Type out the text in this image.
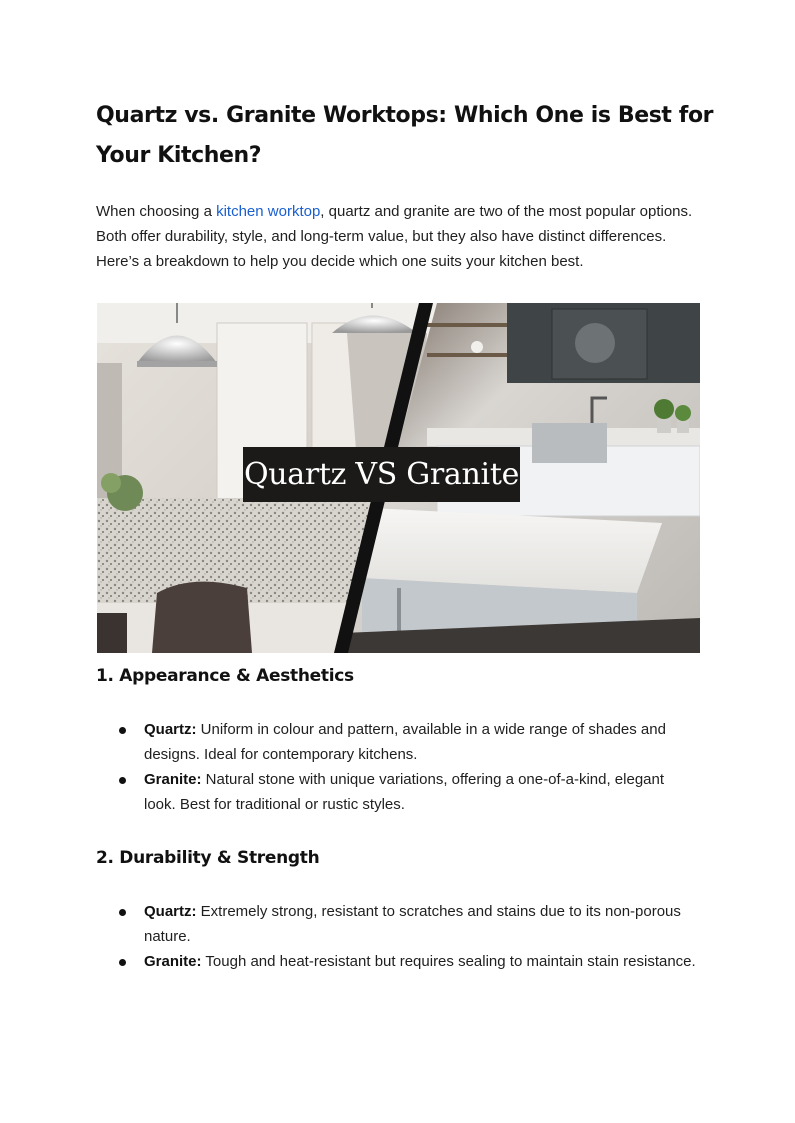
Quartz vs. Granite Worktops: Which One is Best for Your Kitchen?

When choosing a kitchen worktop, quartz and granite are two of the most popular options. Both offer durability, style, and long-term value, but they also have distinct differences. Here’s a breakdown to help you decide which one suits your kitchen best.

Quartz VS Granite
1. Appearance & Aesthetics
Quartz: Uniform in colour and pattern, available in a wide range of shades and designs. Ideal for contemporary kitchens.
Granite: Natural stone with unique variations, offering a one-of-a-kind, elegant look. Best for traditional or rustic styles.
2. Durability & Strength
Quartz: Extremely strong, resistant to scratches and stains due to its non-porous nature.
Granite: Tough and heat-resistant but requires sealing to maintain stain resistance.
